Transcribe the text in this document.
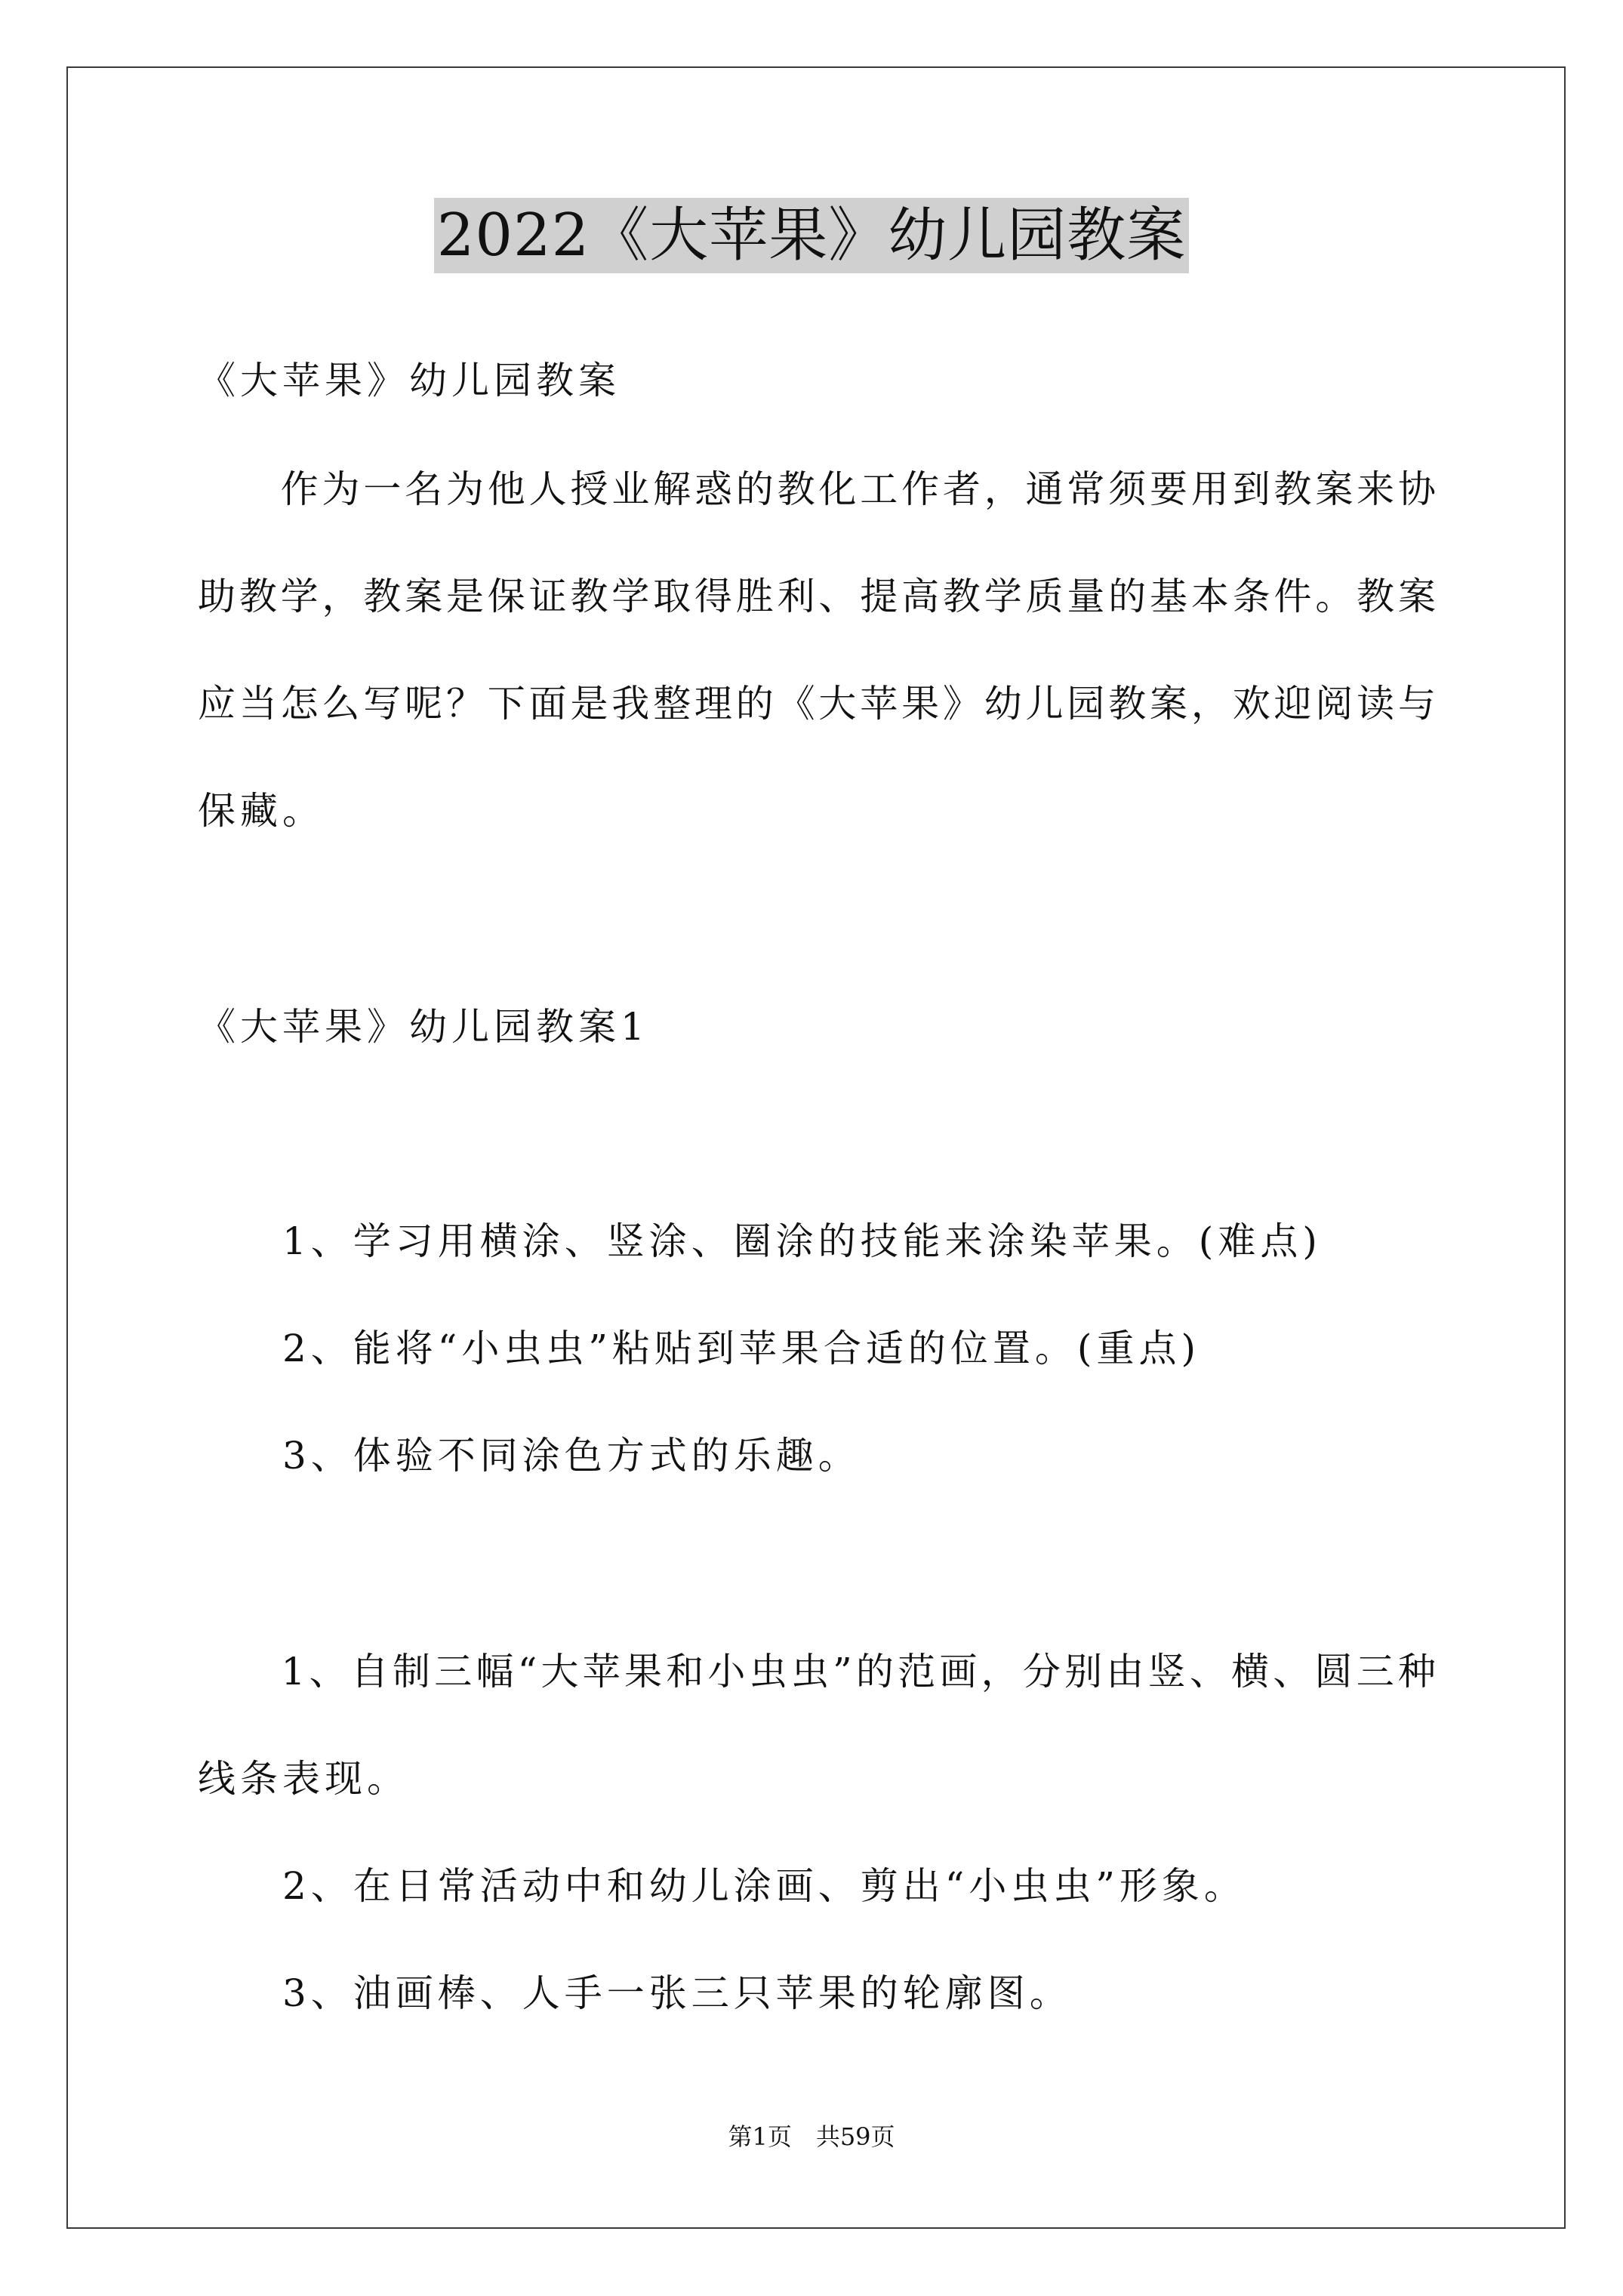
2022《大苹果》幼儿园教案
《大苹果》幼儿园教案
　　作为一名为他人授业解惑的教化工作者，通常须要用到教案来协
助教学，教案是保证教学取得胜利、提高教学质量的基本条件。教案
应当怎么写呢？下面是我整理的《大苹果》幼儿园教案，欢迎阅读与
保藏。
《大苹果》幼儿园教案1
　　1、学习用横涂、竖涂、圈涂的技能来涂染苹果。(难点)
　　2、能将“小虫虫”粘贴到苹果合适的位置。(重点)
　　3、体验不同涂色方式的乐趣。
　　1、自制三幅“大苹果和小虫虫”的范画，分别由竖、横、圆三种
线条表现。
　　2、在日常活动中和幼儿涂画、剪出“小虫虫”形象。
　　3、油画棒、人手一张三只苹果的轮廓图。
第1页　共59页
